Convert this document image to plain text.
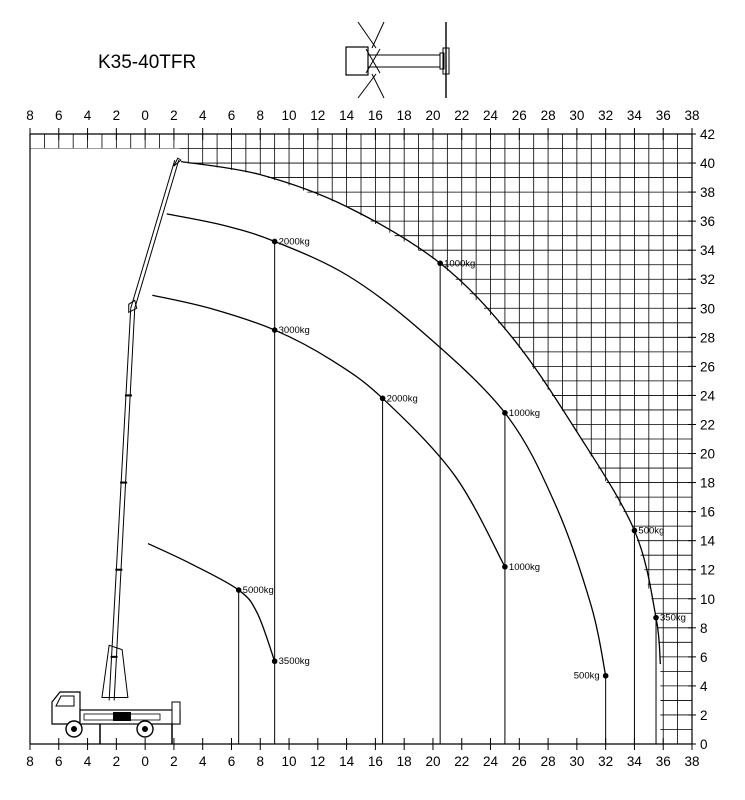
K35-40TFR
8 6 4 2 0 2 4 6 8 10 12 14 16 18 20 22 24 26 28 30 32 34 36 38
8 6 4 2 0 2 4 6 8 10 12 14 16 18 20 22 24 26 28 30 32 34 36 38
0
2
4
6
8
10
12
14
16
18
20
22
24
26
28
30
32
34
36
38
40
42
5000kg
3500kg
3000kg
2000kg
2000kg
1000kg
1000kg
1000kg
500kg
500kg
350kg
